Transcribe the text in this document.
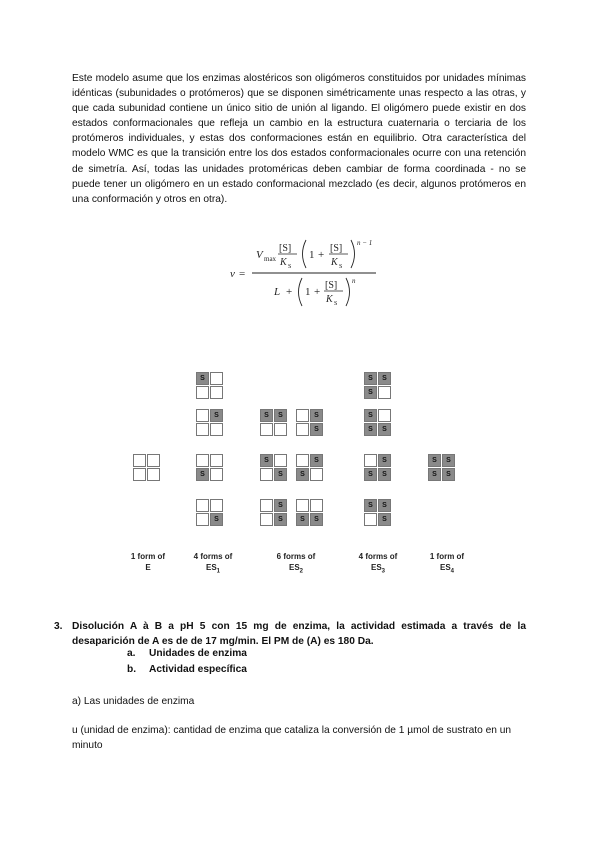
Este modelo asume que los enzimas alostéricos son oligómeros constituidos por unidades mínimas idénticas (subunidades o protómeros) que se disponen simétricamente unas respecto a las otras, y que cada subunidad contiene un único sitio de unión al ligando. El oligómero puede existir en dos estados conformacionales que refleja un cambio en la estructura cuaternaria o terciaria de los protómeros individuales, y estas dos conformaciones están en equilibrio. Otra característica del modelo WMC es que la transición entre los dos estados conformacionales ocurre con una retención de simetría. Así, todas las unidades protoméricas deben cambiar de forma coordinada - no se puede tener un oligómero en un estado conformacional mezclado (es decir, algunos protómeros en una conformación y otros en otra).

v =
V max
[S]
K S
1 +
[S]
K S
n − 1
L + 1 +
[S]
K S
n
S
S
S
S
S	S	S
S
S
S
S
S
S
S	S	S
S	S
S
S
S	S
S
S	S
S	S
S
S	S
S	S
1 form of
E
4 forms of
$ES_1$
6 forms of
$ES_2$
4 forms of
$ES_3$
1 form of
$ES_4$
3. Disolución A à B a pH 5 con 15 mg de enzima, la actividad estimada a través de la desaparición de A es de de 17 mg/min. El PM de (A) es 180 Da.
a. Unidades de enzima
b. Actividad específica
a) Las unidades de enzima
u (unidad de enzima): cantidad de enzima que cataliza la conversión de 1 µmol de sustrato en un minuto
